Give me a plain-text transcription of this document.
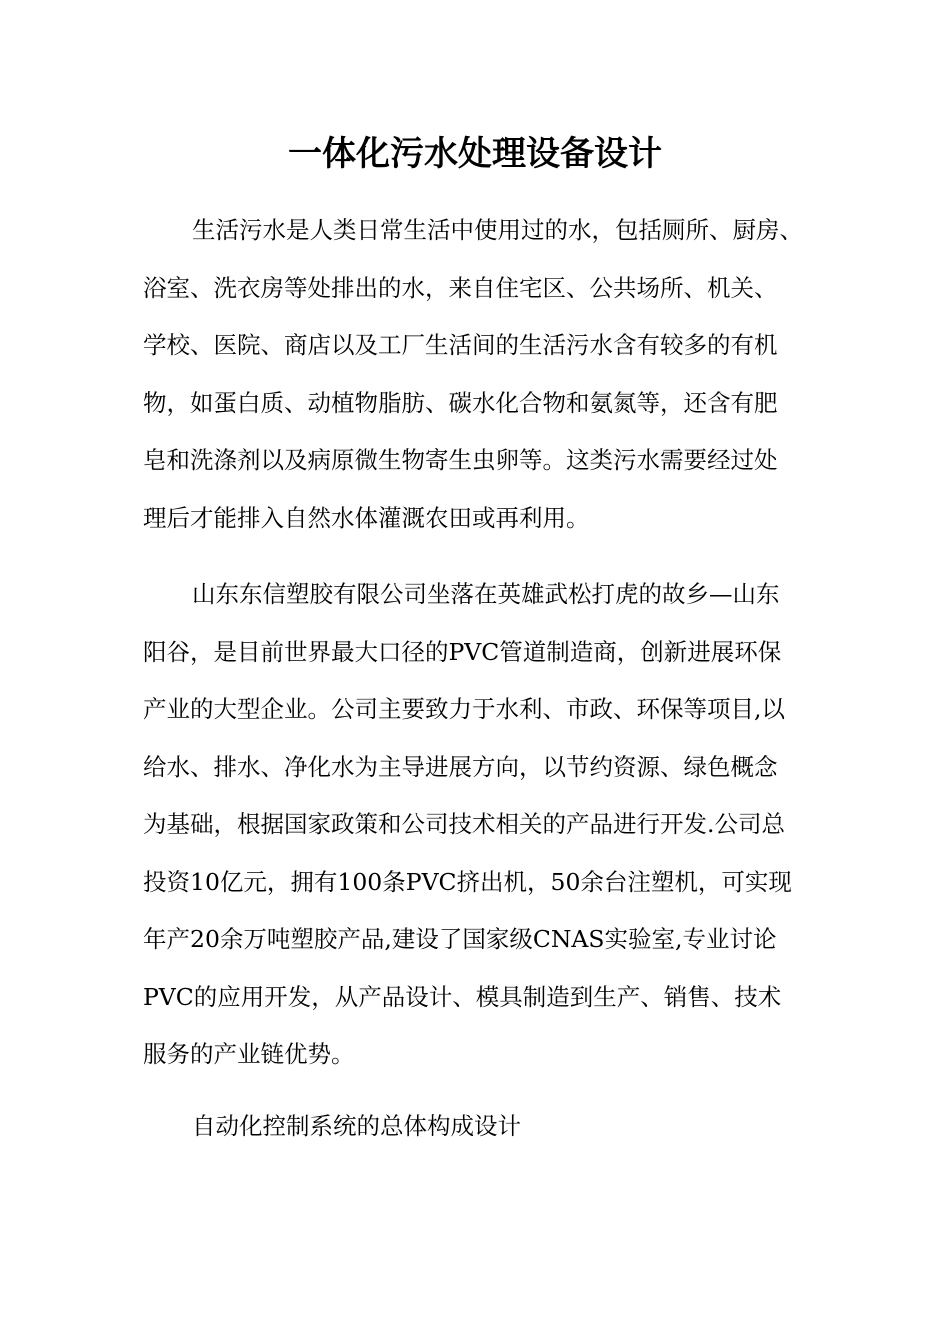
一体化污水处理设备设计

生活污水是人类日常生活中使用过的水，包括厕所、厨房、
浴室、洗衣房等处排出的水，来自住宅区、公共场所、机关、
学校、医院、商店以及工厂生活间的生活污水含有较多的有机
物，如蛋白质、动植物脂肪、碳水化合物和氨氮等，还含有肥
皂和洗涤剂以及病原微生物寄生虫卵等。这类污水需要经过处
理后才能排入自然水体灌溉农田或再利用。

山东东信塑胶有限公司坐落在英雄武松打虎的故乡—山东
阳谷，是目前世界最大口径的PVC管道制造商，创新进展环保
产业的大型企业。公司主要致力于水利、市政、环保等项目,以
给水、排水、净化水为主导进展方向，以节约资源、绿色概念
为基础，根据国家政策和公司技术相关的产品进行开发.公司总
投资10亿元，拥有100条PVC挤出机，50余台注塑机，可实现
年产20余万吨塑胶产品,建设了国家级CNAS实验室,专业讨论
PVC的应用开发，从产品设计、模具制造到生产、销售、技术
服务的产业链优势。

自动化控制系统的总体构成设计
